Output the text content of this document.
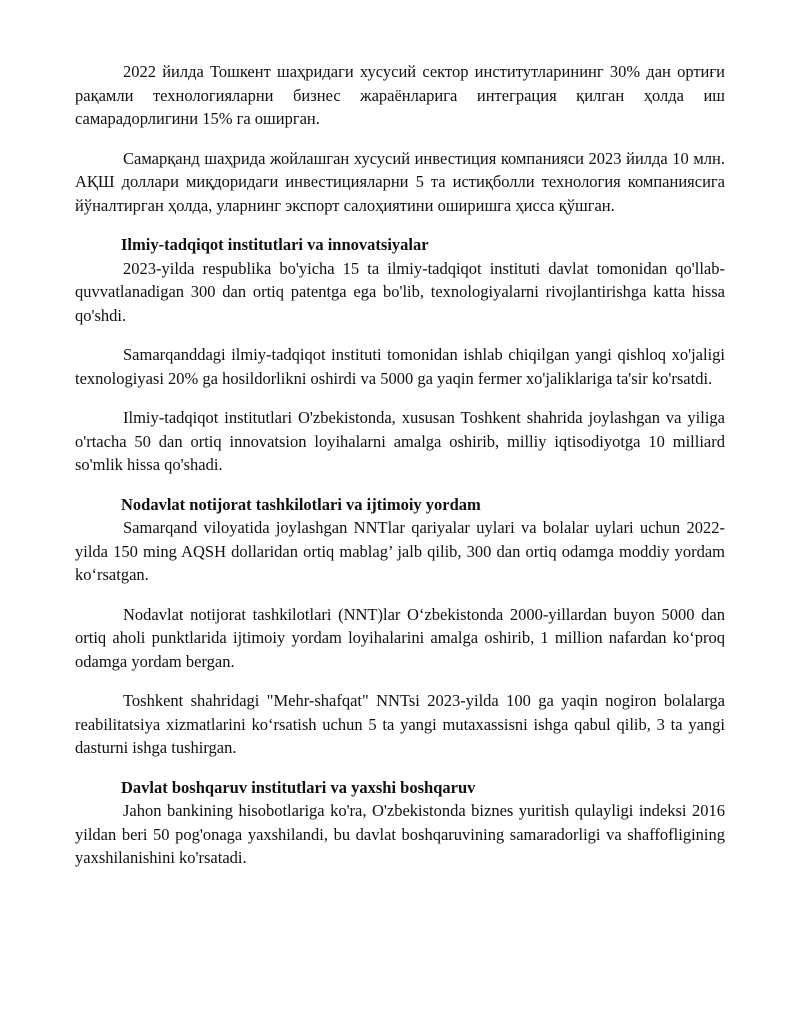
2022 йилда Тошкент шаҳридаги хусусий сектор институтларининг 30% дан ортиғи рақамли технологияларни бизнес жараёнларига интеграция қилган ҳолда иш самарадорлигини 15% га оширган.

Самарқанд шаҳрида жойлашган хусусий инвестиция компанияси 2023 йилда 10 млн. АҚШ доллари миқдоридаги инвестицияларни 5 та истиқболли технология компаниясига йўналтирган ҳолда, уларнинг экспорт салоҳиятини оширишга ҳисса қўшган.

Ilmiy-tadqiqot institutlari va innovatsiyalar

2023-yilda respublika bo'yicha 15 ta ilmiy-tadqiqot instituti davlat tomonidan qo'llab-quvvatlanadigan 300 dan ortiq patentga ega bo'lib, texnologiyalarni rivojlantirishga katta hissa qo'shdi.

Samarqanddagi ilmiy-tadqiqot instituti tomonidan ishlab chiqilgan yangi qishloq xo'jaligi texnologiyasi 20% ga hosildorlikni oshirdi va 5000 ga yaqin fermer xo'jaliklariga ta'sir ko'rsatdi.

Ilmiy-tadqiqot institutlari O'zbekistonda, xususan Toshkent shahrida joylashgan va yiliga o'rtacha 50 dan ortiq innovatsion loyihalarni amalga oshirib, milliy iqtisodiyotga 10 milliard so'mlik hissa qo'shadi.

Nodavlat notijorat tashkilotlari va ijtimoiy yordam

Samarqand viloyatida joylashgan NNTlar qariyalar uylari va bolalar uylari uchun 2022-yilda 150 ming AQSH dollaridan ortiq mablag’ jalb qilib, 300 dan ortiq odamga moddiy yordam koʻrsatgan.

Nodavlat notijorat tashkilotlari (NNT)lar Oʻzbekistonda 2000-yillardan buyon 5000 dan ortiq aholi punktlarida ijtimoiy yordam loyihalarini amalga oshirib, 1 million nafardan koʻproq odamga yordam bergan.

Toshkent shahridagi "Mehr-shafqat" NNTsi 2023-yilda 100 ga yaqin nogiron bolalarga reabilitatsiya xizmatlarini koʻrsatish uchun 5 ta yangi mutaxassisni ishga qabul qilib, 3 ta yangi dasturni ishga tushirgan.

Davlat boshqaruv institutlari va yaxshi boshqaruv

Jahon bankining hisobotlariga ko'ra, O'zbekistonda biznes yuritish qulayligi indeksi 2016 yildan beri 50 pog'onaga yaxshilandi, bu davlat boshqaruvining samaradorligi va shaffofligining yaxshilanishini ko'rsatadi.
